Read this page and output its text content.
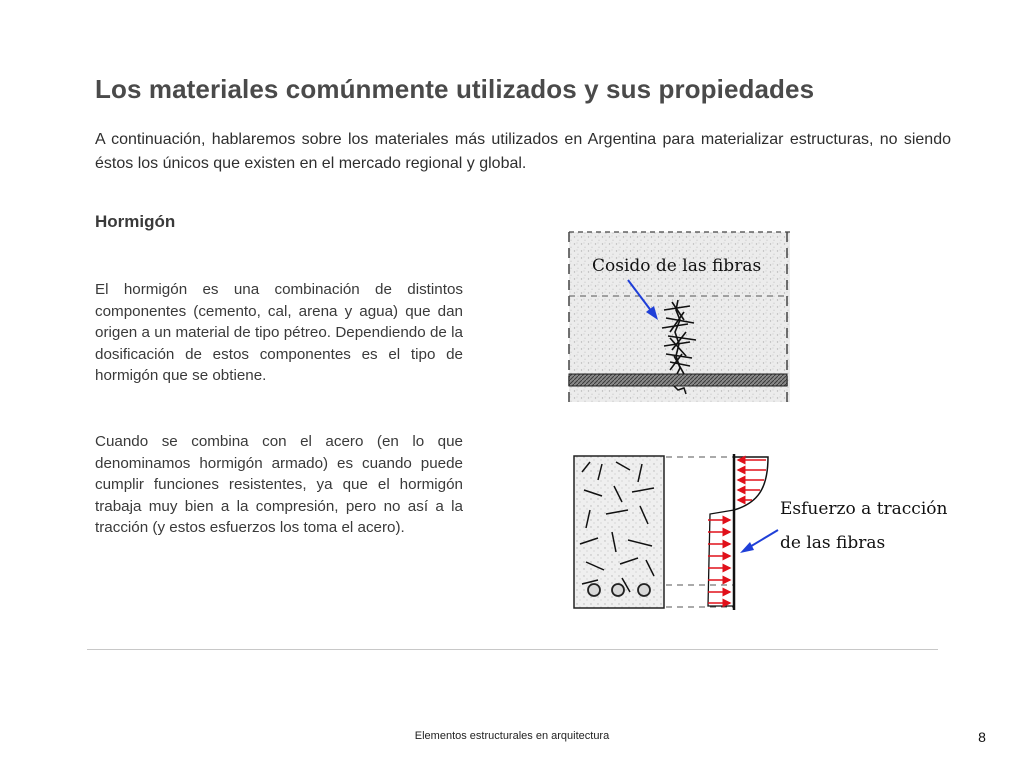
Los materiales comúnmente utilizados y sus propiedades

A continuación, hablaremos sobre los materiales más utilizados en Argentina para materializar estructuras, no siendo éstos los únicos que existen en el mercado regional y global.

Hormigón

El hormigón es una combinación de distintos componentes (cemento, cal, arena y agua) que dan origen a un material de tipo pétreo. Dependiendo de la dosificación de estos componentes es el tipo de hormigón que se obtiene.

Cuando se combina con el acero (en lo que denominamos hormigón armado) es cuando puede cumplir funciones resistentes, ya que el hormigón trabaja muy bien a la compresión, pero no así a la tracción (y estos esfuerzos los toma el acero).

Cosido de las fibras
Esfuerzo a tracción
de las fibras
Elementos estructurales en arquitectura	8
